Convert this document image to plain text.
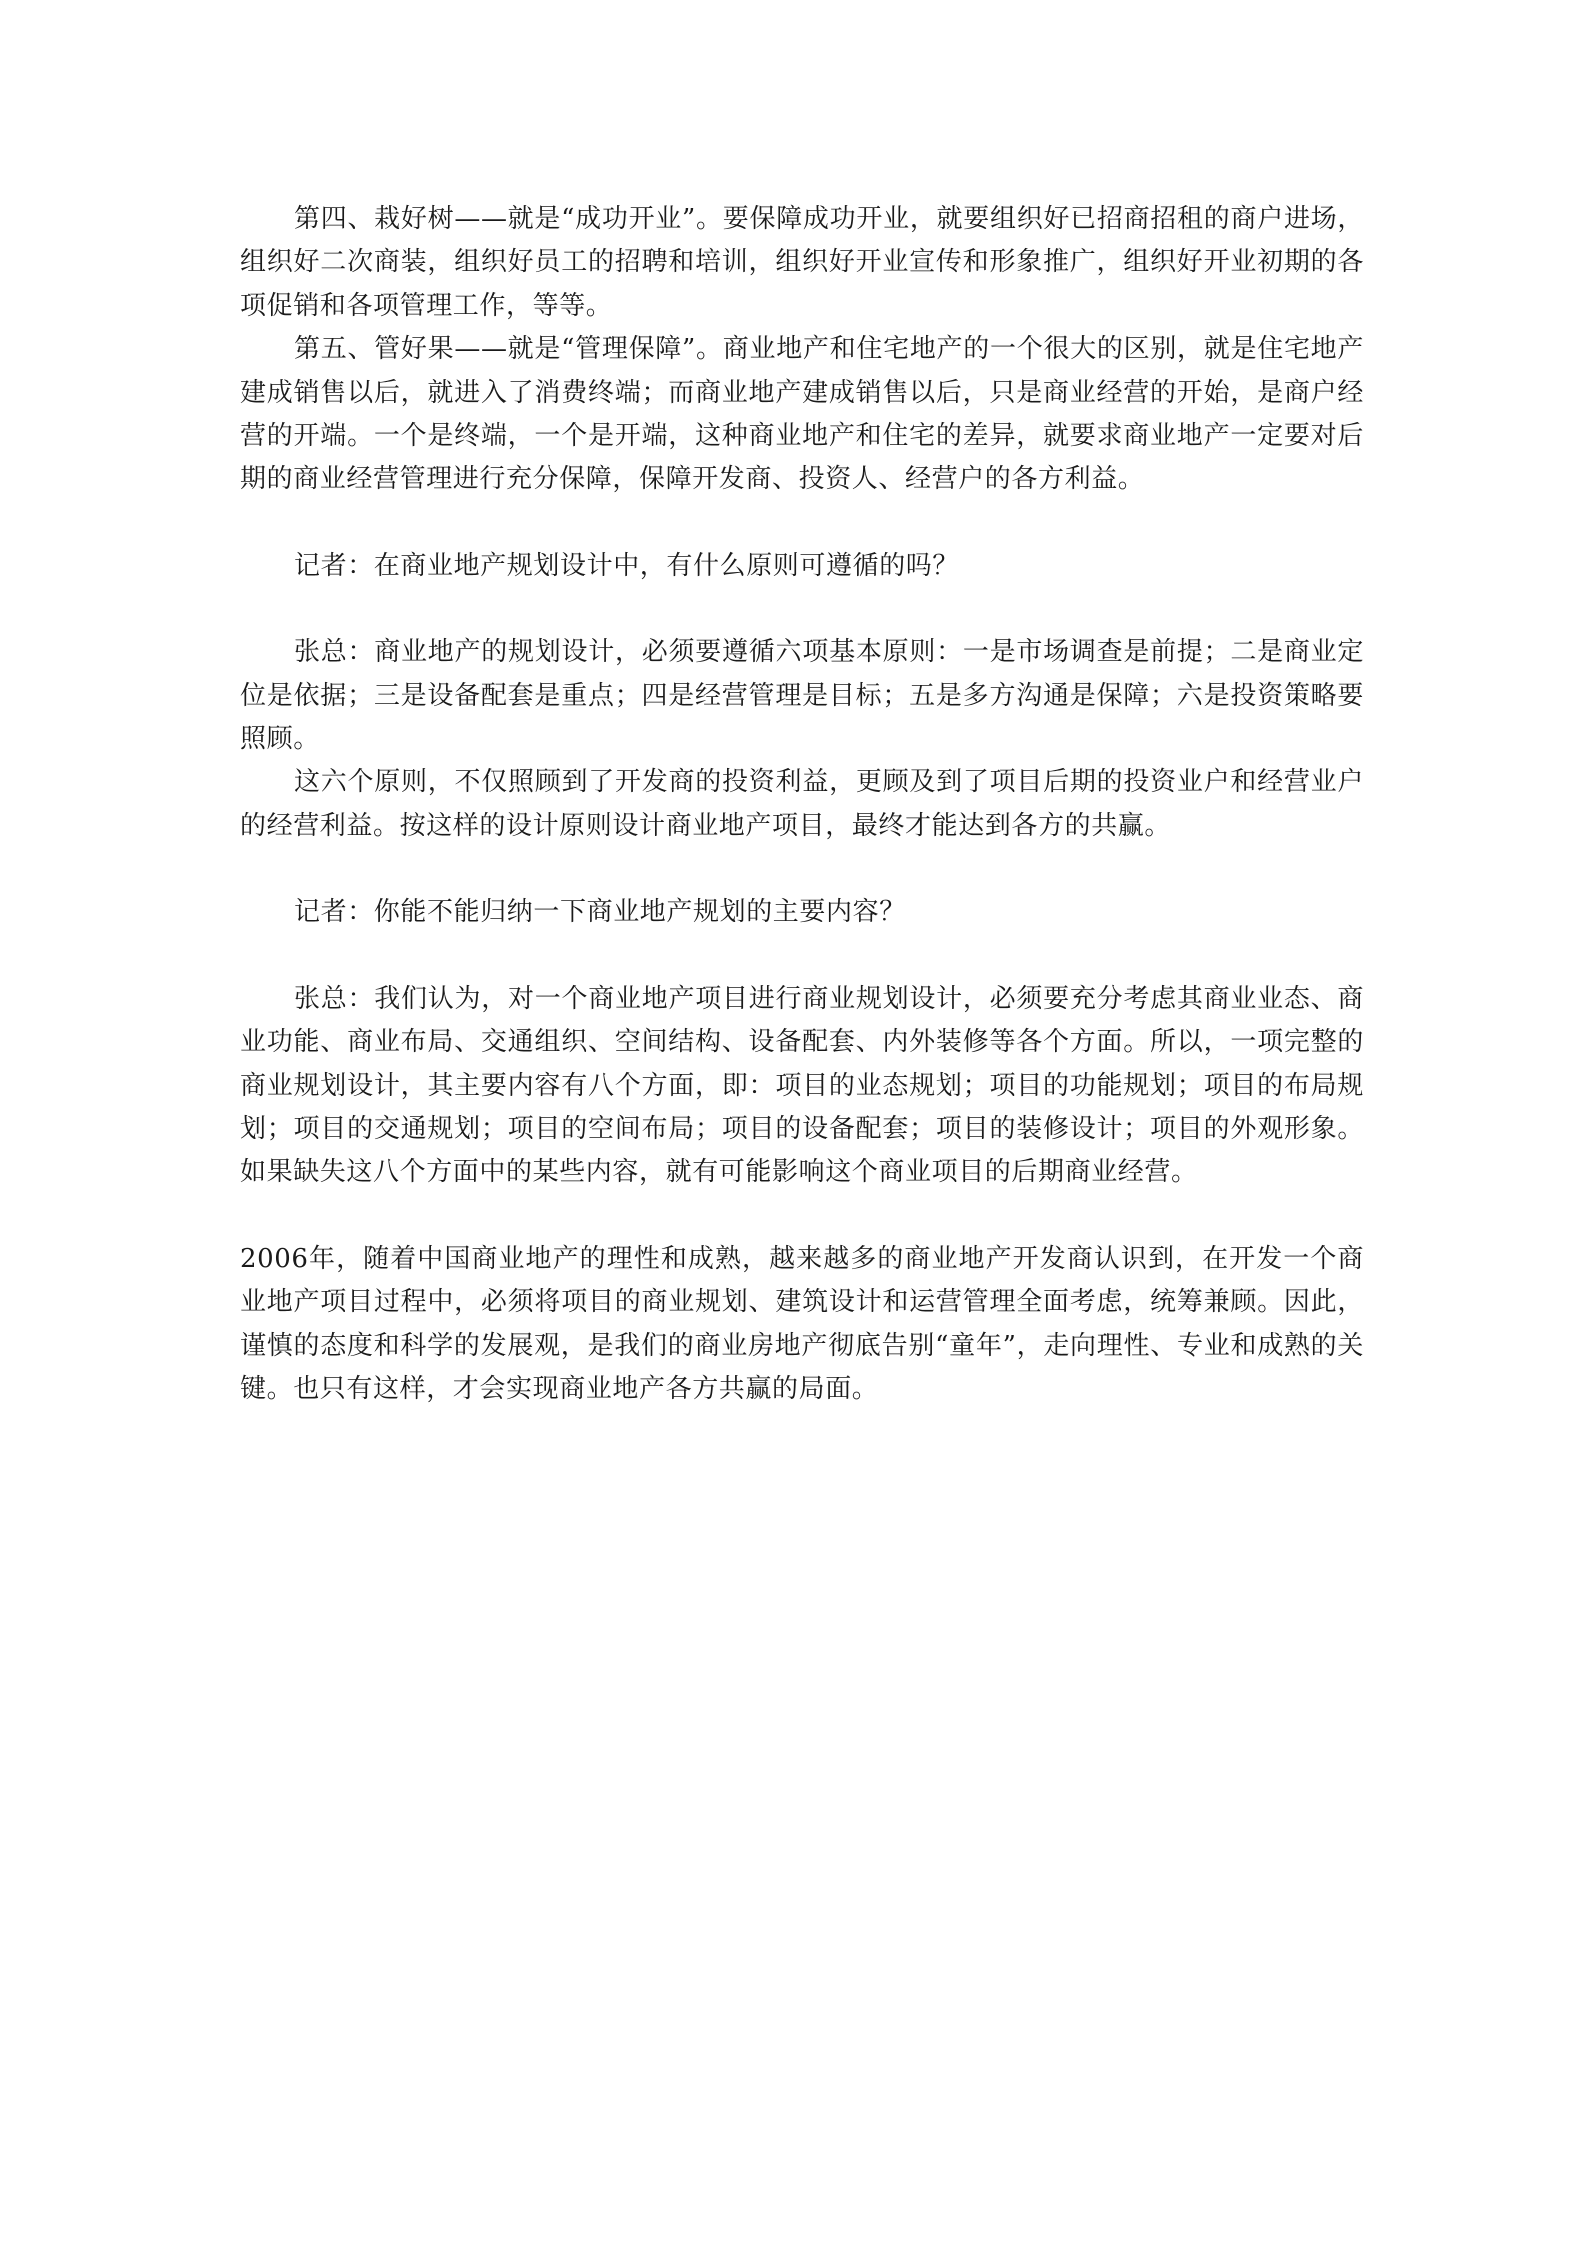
第四、栽好树——就是“成功开业”。要保障成功开业，就要组织好已招商招租的商户进场，组织好二次商装，组织好员工的招聘和培训，组织好开业宣传和形象推广，组织好开业初期的各项促销和各项管理工作，等等。

第五、管好果——就是“管理保障”。商业地产和住宅地产的一个很大的区别，就是住宅地产建成销售以后，就进入了消费终端；而商业地产建成销售以后，只是商业经营的开始，是商户经营的开端。一个是终端，一个是开端，这种商业地产和住宅的差异，就要求商业地产一定要对后期的商业经营管理进行充分保障，保障开发商、投资人、经营户的各方利益。

记者：在商业地产规划设计中，有什么原则可遵循的吗？

张总：商业地产的规划设计，必须要遵循六项基本原则：一是市场调查是前提；二是商业定位是依据；三是设备配套是重点；四是经营管理是目标；五是多方沟通是保障；六是投资策略要照顾。

这六个原则，不仅照顾到了开发商的投资利益，更顾及到了项目后期的投资业户和经营业户的经营利益。按这样的设计原则设计商业地产项目，最终才能达到各方的共赢。

记者：你能不能归纳一下商业地产规划的主要内容？

张总：我们认为，对一个商业地产项目进行商业规划设计，必须要充分考虑其商业业态、商业功能、商业布局、交通组织、空间结构、设备配套、内外装修等各个方面。所以，一项完整的商业规划设计，其主要内容有八个方面，即：项目的业态规划；项目的功能规划；项目的布局规划；项目的交通规划；项目的空间布局；项目的设备配套；项目的装修设计；项目的外观形象。如果缺失这八个方面中的某些内容，就有可能影响这个商业项目的后期商业经营。

2006年，随着中国商业地产的理性和成熟，越来越多的商业地产开发商认识到，在开发一个商业地产项目过程中，必须将项目的商业规划、建筑设计和运营管理全面考虑，统筹兼顾。因此，谨慎的态度和科学的发展观，是我们的商业房地产彻底告别“童年”，走向理性、专业和成熟的关键。也只有这样，才会实现商业地产各方共赢的局面。
